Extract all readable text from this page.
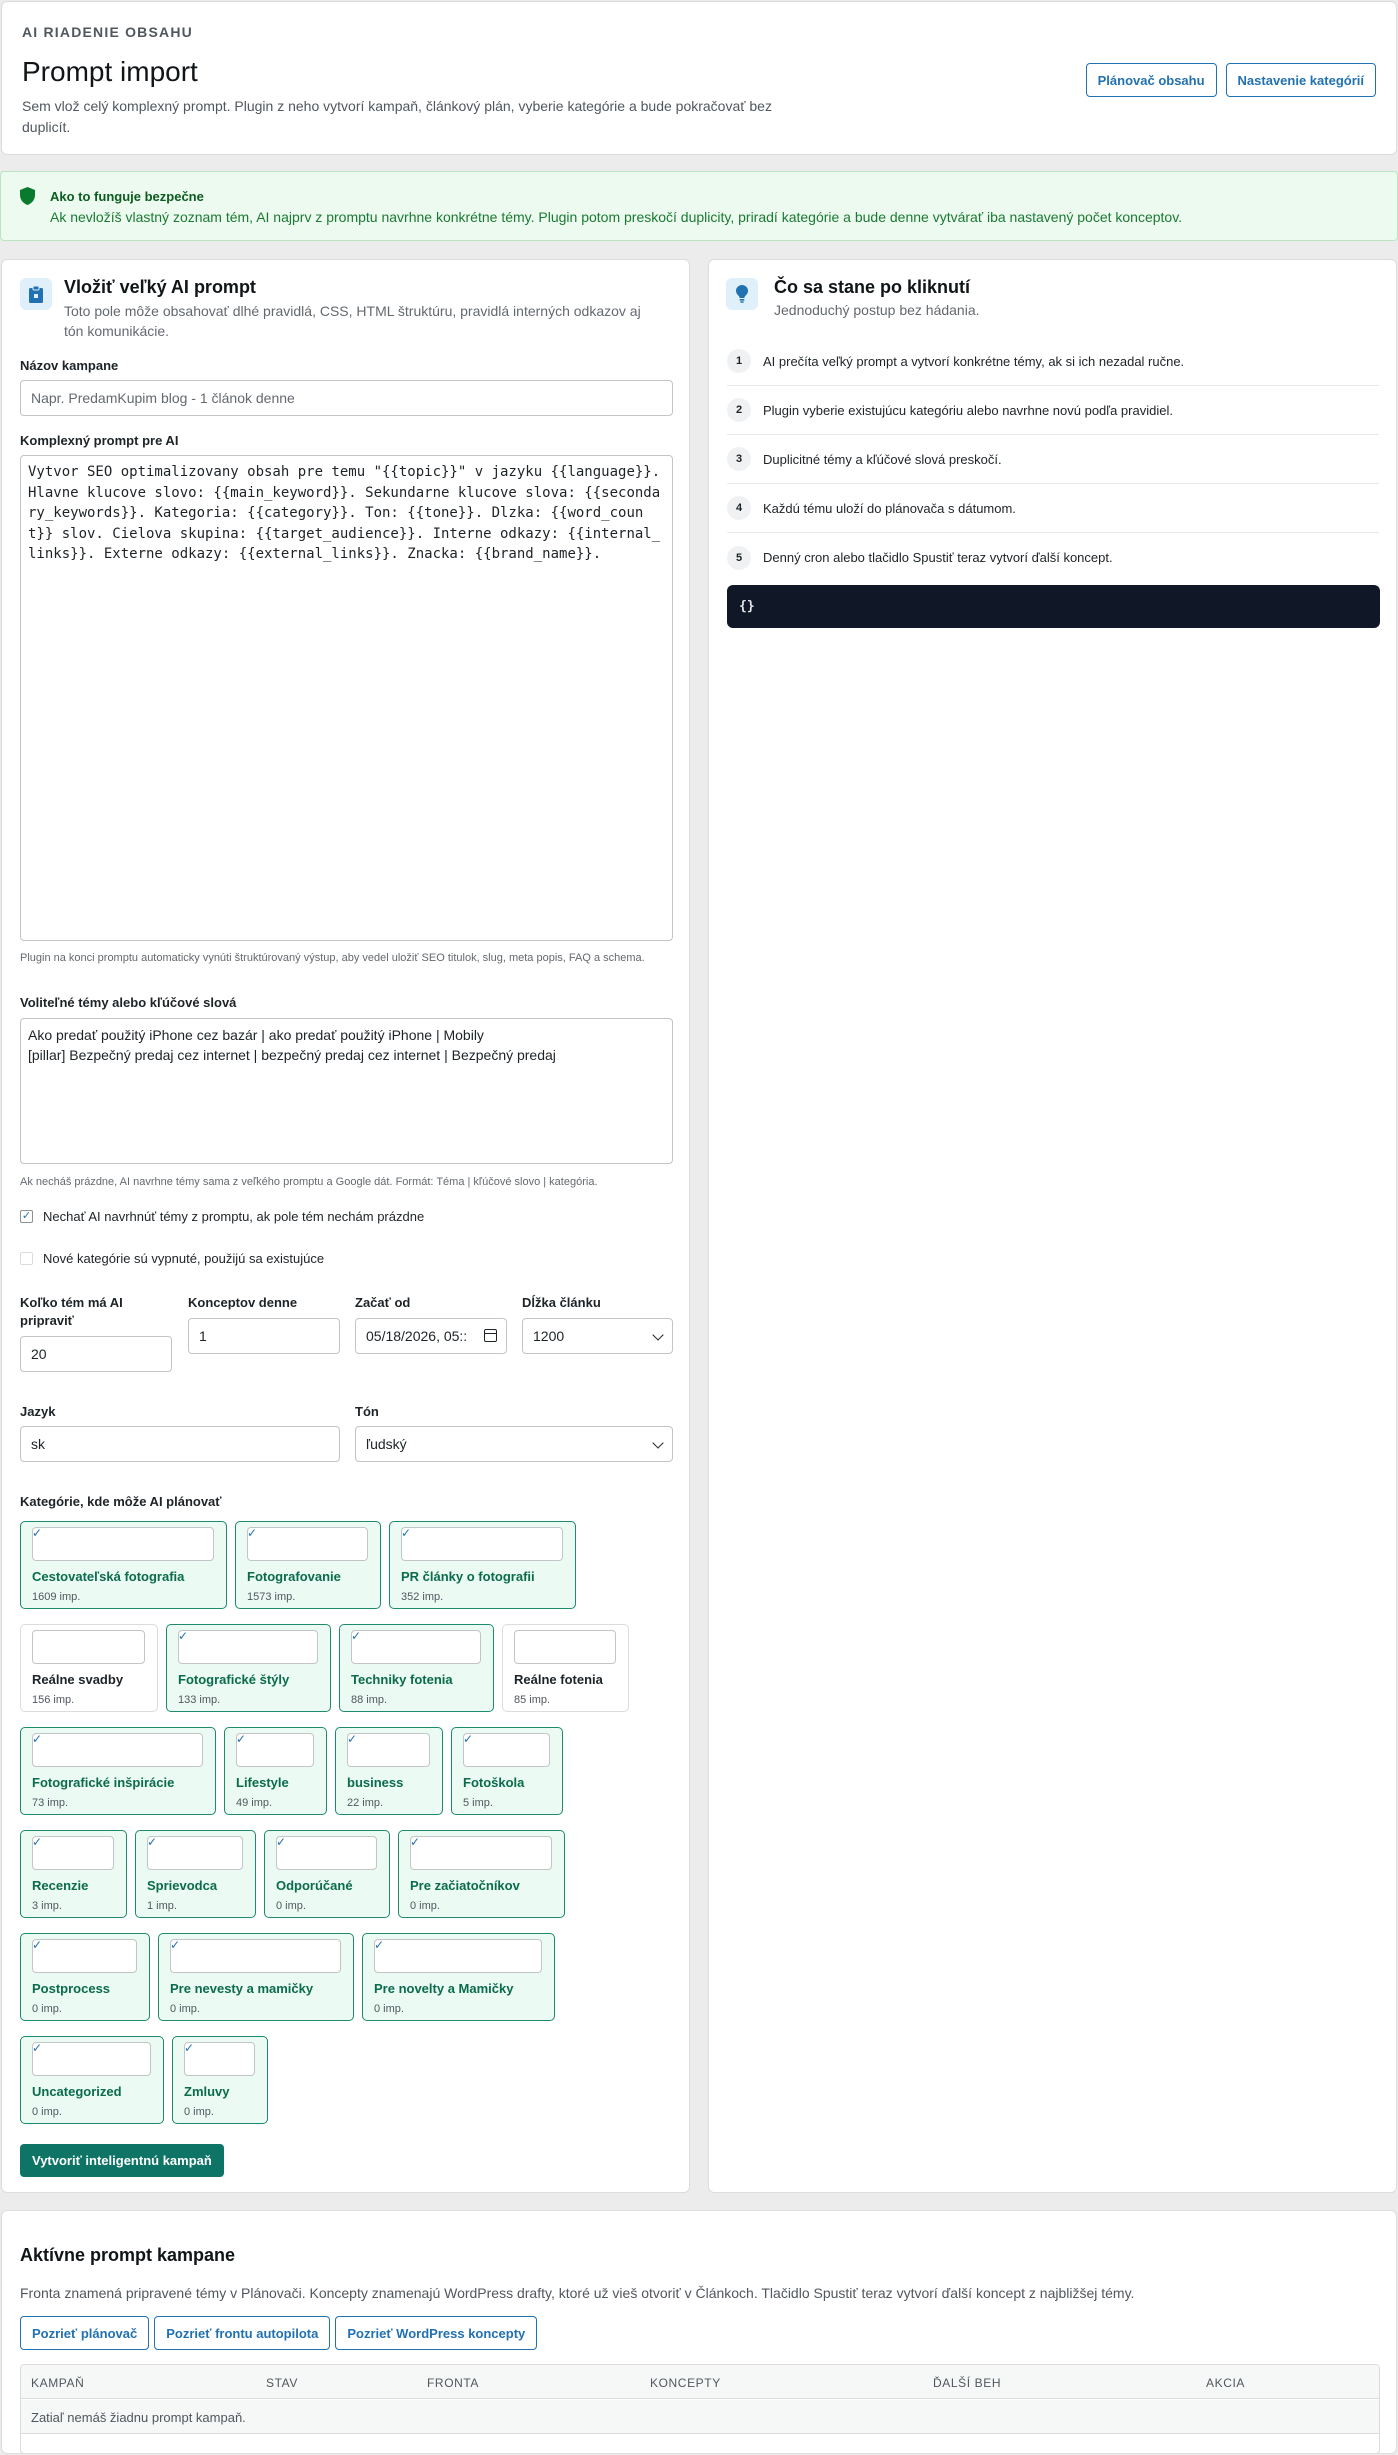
AI RIADENIE OBSAHU
Prompt import
Sem vlož celý komplexný prompt. Plugin z neho vytvorí kampaň, článkový plán, vyberie kategórie a bude pokračovať bez duplicít.
Plánovač obsahu	Nastavenie kategórií
Ako to funguje bezpečne
Ak nevložíš vlastný zoznam tém, AI najprv z promptu navrhne konkrétne témy. Plugin potom preskočí duplicity, priradí kategórie a bude denne vytvárať iba nastavený počet konceptov.
Vložiť veľký AI prompt
Toto pole môže obsahovať dlhé pravidlá, CSS, HTML štruktúru, pravidlá interných odkazov aj tón komunikácie.
Názov kampane
Napr. PredamKupim blog - 1 článok denne
Komplexný prompt pre AI
Vytvor SEO optimalizovany obsah pre temu "{{topic}}" v jazyku {{language}}. Hlavne klucove slovo: {{main_keyword}}. Sekundarne klucove slova: {{secondary_keywords}}. Kategoria: {{category}}. Ton: {{tone}}. Dlzka: {{word_count}} slov. Cielova skupina: {{target_audience}}. Interne odkazy: {{internal_links}}. Externe odkazy: {{external_links}}. Znacka: {{brand_name}}.
Plugin na konci promptu automaticky vynúti štruktúrovaný výstup, aby vedel uložiť SEO titulok, slug, meta popis, FAQ a schema.
Voliteľné témy alebo kľúčové slová
Ako predať použitý iPhone cez bazár | ako predať použitý iPhone | Mobily
[pillar] Bezpečný predaj cez internet | bezpečný predaj cez internet | Bezpečný predaj
Ak necháš prázdne, AI navrhne témy sama z veľkého promptu a Google dát. Formát: Téma | kľúčové slovo | kategória.
✓ Nechať AI navrhnúť témy z promptu, ak pole tém nechám prázdne
Nové kategórie sú vypnuté, použijú sa existujúce
Koľko tém má AI pripraviť
20
Konceptov denne
1
Začať od
05/18/2026, 05::
Dĺžka článku
1200
Jazyk
sk
Tón
ľudský
Kategórie, kde môže AI plánovať
✓
Cestovateľská fotografia
1609 imp.
✓
Fotografovanie
1573 imp.
✓
PR články o fotografii
352 imp.
Reálne svadby
156 imp.
✓
Fotografické štýly
133 imp.
✓
Techniky fotenia
88 imp.
Reálne fotenia
85 imp.
✓
Fotografické inšpirácie
73 imp.
✓
Lifestyle
49 imp.
✓
business
22 imp.
✓
Fotoškola
5 imp.
✓
Recenzie
3 imp.
✓
Sprievodca
1 imp.
✓
Odporúčané
0 imp.
✓
Pre začiatočníkov
0 imp.
✓
Postprocess
0 imp.
✓
Pre nevesty a mamičky
0 imp.
✓
Pre novelty a Mamičky
0 imp.
✓
Uncategorized
0 imp.
✓
Zmluvy
0 imp.
Vytvoriť inteligentnú kampaň
Čo sa stane po kliknutí
Jednoduchý postup bez hádania.
1	AI prečíta veľký prompt a vytvorí konkrétne témy, ak si ich nezadal ručne.
2	Plugin vyberie existujúcu kategóriu alebo navrhne novú podľa pravidiel.
3	Duplicitné témy a kľúčové slová preskočí.
4	Každú tému uloží do plánovača s dátumom.
5	Denný cron alebo tlačidlo Spustiť teraz vytvorí ďalší koncept.
{}
Aktívne prompt kampane
Fronta znamená pripravené témy v Plánovači. Koncepty znamenajú WordPress drafty, ktoré už vieš otvoriť v Článkoch. Tlačidlo Spustiť teraz vytvorí ďalší koncept z najbližšej témy.
Pozrieť plánovač	Pozrieť frontu autopilota	Pozrieť WordPress koncepty
KAMPAŇ	STAV	FRONTA	KONCEPTY	ĎALŠÍ BEH	AKCIA
Zatiaľ nemáš žiadnu prompt kampaň.
